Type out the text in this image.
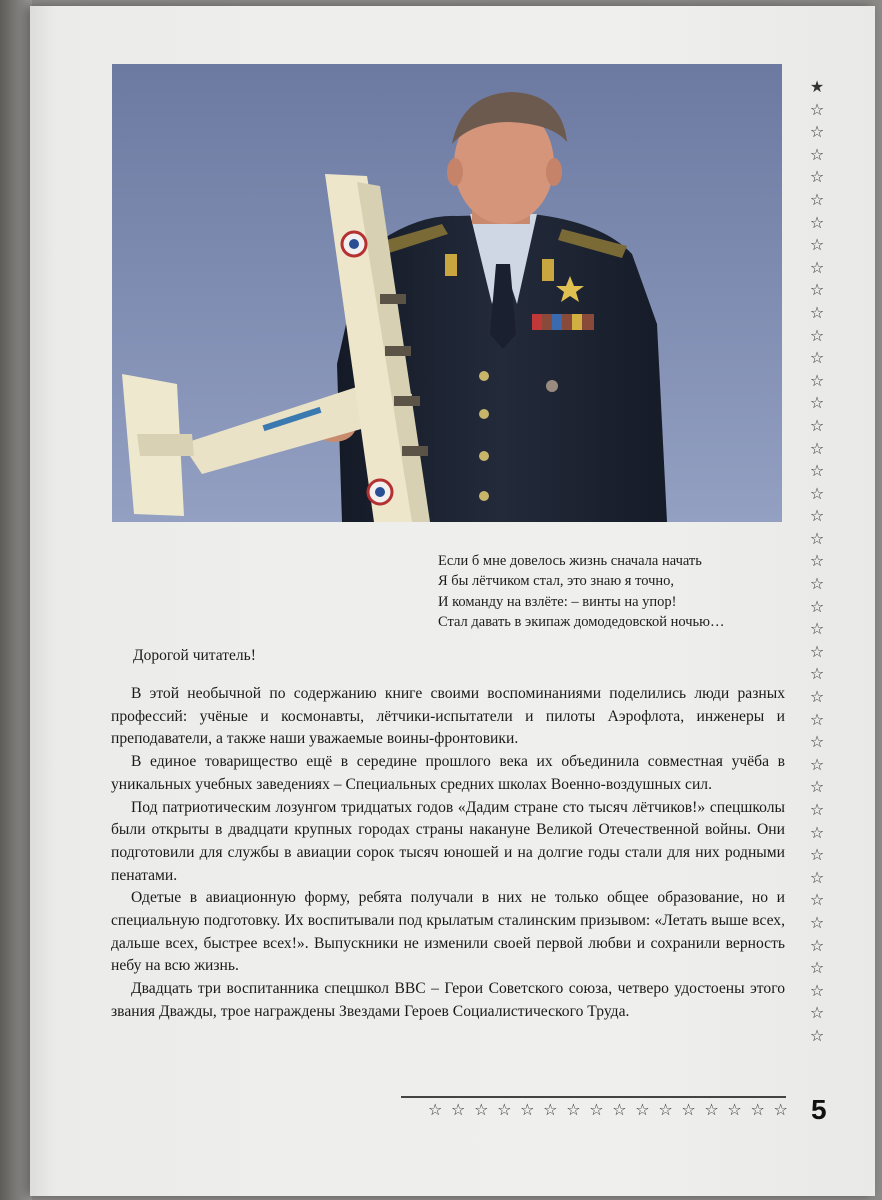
★
☆
☆
☆
☆
☆
☆
☆
☆
☆
☆
☆
☆
☆
☆
☆
☆
☆
☆
☆
☆
☆
☆
☆
☆
☆
☆
☆
☆
☆
☆
☆
☆
☆
☆
☆
☆
☆
☆
☆
☆
☆
☆
Если б мне довелось жизнь сначала начать
Я бы лётчиком стал, это знаю я точно,
И команду на взлёте: – винты на упор!
Стал давать в экипаж домодедовской ночью…
Дорогой читатель!

В этой необычной по содержанию книге своими воспоминаниями поделились люди разных профессий: учёные и космонавты, лётчики-испытатели и пилоты Аэрофлота, инженеры и преподаватели, а также наши уважаемые воины-фронтовики.

В единое товарищество ещё в середине прошлого века их объединила совместная учёба в уникальных учебных заведениях – Специальных средних школах Военно-воздушных сил.

Под патриотическим лозунгом тридцатых годов «Дадим стране сто тысяч лётчиков!» спецшколы были открыты в двадцати крупных городах страны накануне Великой Отечественной войны. Они подготовили для службы в авиации сорок тысяч юношей и на долгие годы стали для них родными пенатами.

Одетые в авиационную форму, ребята получали в них не только общее образование, но и специальную подготовку. Их воспитывали под крылатым сталинским призывом: «Летать выше всех, дальше всех, быстрее всех!». Выпускники не изменили своей первой любви и сохранили верность небу на всю жизнь.

Двадцать три воспитанника спецшкол ВВС – Герои Советского союза, четверо удостоены этого звания Дважды, трое награждены Звездами Героев Социалистического Труда.

☆ ☆ ☆ ☆ ☆ ☆ ☆ ☆ ☆ ☆ ☆ ☆ ☆ ☆ ☆ ☆ 5
